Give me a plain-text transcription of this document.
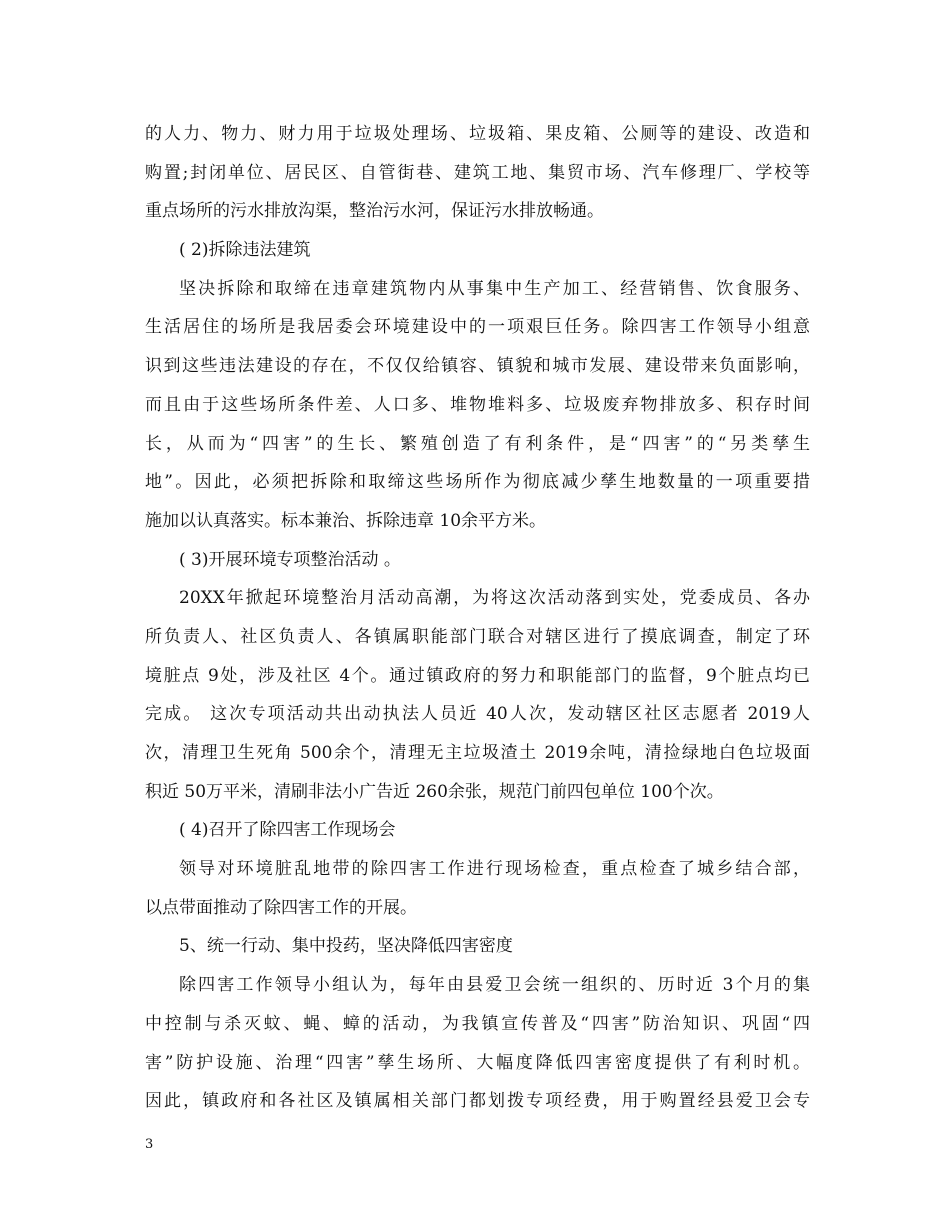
的人力、物力、财力用于垃圾处理场、垃圾箱、果皮箱、公厕等的建设、改造和
购置;封闭单位、居民区、自管街巷、建筑工地、集贸市场、汽车修理厂、学校等
重点场所的污水排放沟渠，整治污水河，保证污水排放畅通。
( 2)拆除违法建筑
坚决拆除和取缔在违章建筑物内从事集中生产加工、经营销售、饮食服务、
生活居住的场所是我居委会环境建设中的一项艰巨任务。除四害工作领导小组意
识到这些违法建设的存在，不仅仅给镇容、镇貌和城市发展、建设带来负面影响，
而且由于这些场所条件差、人口多、堆物堆料多、垃圾废弃物排放多、积存时间
长，从而为“四害”的生长、繁殖创造了有利条件，是“四害”的“另类孳生
地”。因此，必须把拆除和取缔这些场所作为彻底减少孳生地数量的一项重要措
施加以认真落实。标本兼治、拆除违章 10余平方米。
( 3)开展环境专项整治活动 。
20XX年掀起环境整治月活动高潮，为将这次活动落到实处，党委成员、各办
所负责人、社区负责人、各镇属职能部门联合对辖区进行了摸底调查，制定了环
境脏点 9处，涉及社区 4个。通过镇政府的努力和职能部门的监督，9个脏点均已
完成。 这次专项活动共出动执法人员近 40人次，发动辖区社区志愿者 2019人
次，清理卫生死角 500余个，清理无主垃圾渣土 2019余吨，清捡绿地白色垃圾面
积近 50万平米，清刷非法小广告近 260余张，规范门前四包单位 100个次。
( 4)召开了除四害工作现场会
领导对环境脏乱地带的除四害工作进行现场检查，重点检查了城乡结合部，
以点带面推动了除四害工作的开展。
5、统一行动、集中投药，坚决降低四害密度
除四害工作领导小组认为，每年由县爱卫会统一组织的、历时近 3个月的集
中控制与杀灭蚊、蝇、蟑的活动，为我镇宣传普及“四害”防治知识、巩固“四
害”防护设施、治理“四害”孳生场所、大幅度降低四害密度提供了有利时机。
因此，镇政府和各社区及镇属相关部门都划拨专项经费，用于购置经县爱卫会专
3
